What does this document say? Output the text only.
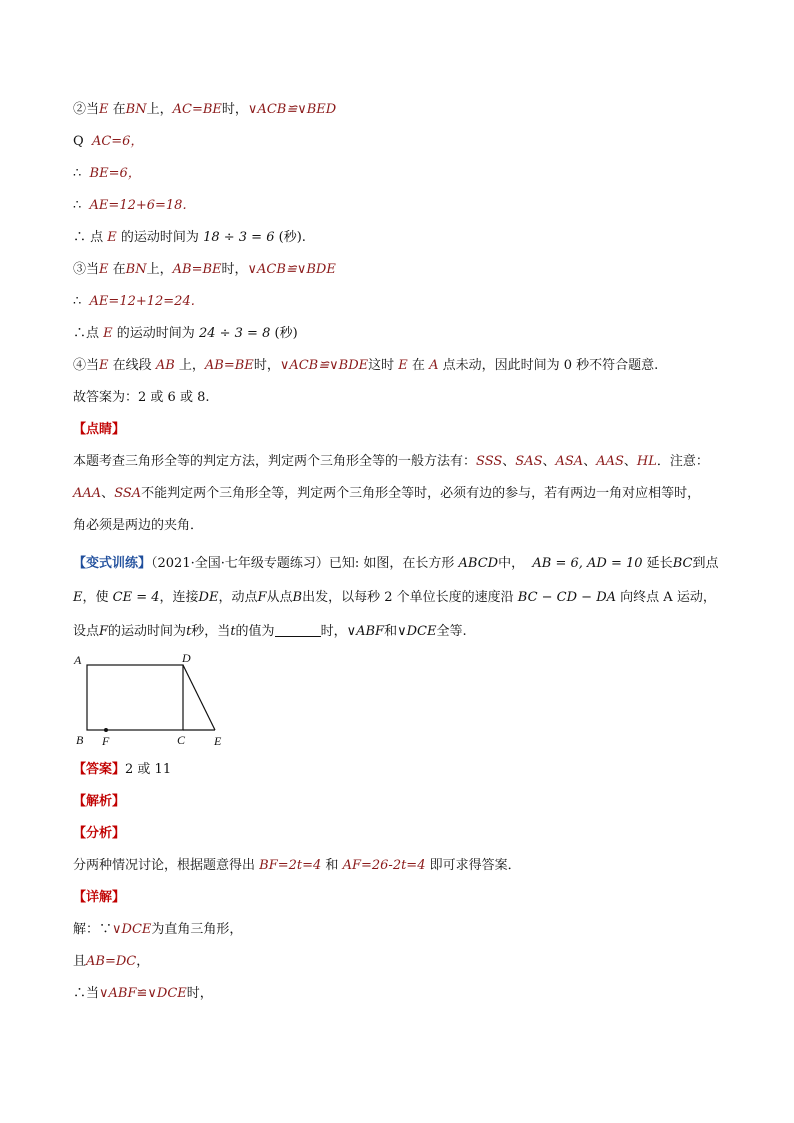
②当E 在BN上，AC=BE时，∨ACB≌∨BED
Q AC=6，
∴ BE=6，
∴ AE=12+6=18.
∴ 点 E 的运动时间为 18 ÷ 3 = 6 (秒).
③当E 在BN上，AB=BE时，∨ACB≌∨BDE
∴ AE=12+12=24.
∴点 E 的运动时间为 24 ÷ 3 = 8 (秒)
④当E 在线段 AB 上，AB=BE时，∨ACB≌∨BDE这时 E 在 A 点未动，因此时间为 0 秒不符合题意.
故答案为：2 或 6 或 8.
【点睛】
本题考查三角形全等的判定方法，判定两个三角形全等的一般方法有：SSS、SAS、ASA、AAS、HL．注意：
AAA、SSA不能判定两个三角形全等，判定两个三角形全等时，必须有边的参与，若有两边一角对应相等时，
角必须是两边的夹角．
【变式训练】（2021·全国·七年级专题练习）已知: 如图，在长方形 ABCD中， AB = 6, AD = 10 延长BC到点
E，使 CE = 4，连接DE，动点F从点B出发，以每秒 2 个单位长度的速度沿 BC − CD − DA 向终点 A 运动，
设点F的运动时间为t秒，当t的值为	时，∨ABF和∨DCE全等.
A	D
B F	C E
【答案】2 或 11
【解析】
【分析】
分两种情况讨论，根据题意得出 BF=2t=4 和 AF=26-2t=4 即可求得答案．
【详解】
解：∵∨DCE为直角三角形，
且AB=DC，
∴当∨ABF≌∨DCE时，
